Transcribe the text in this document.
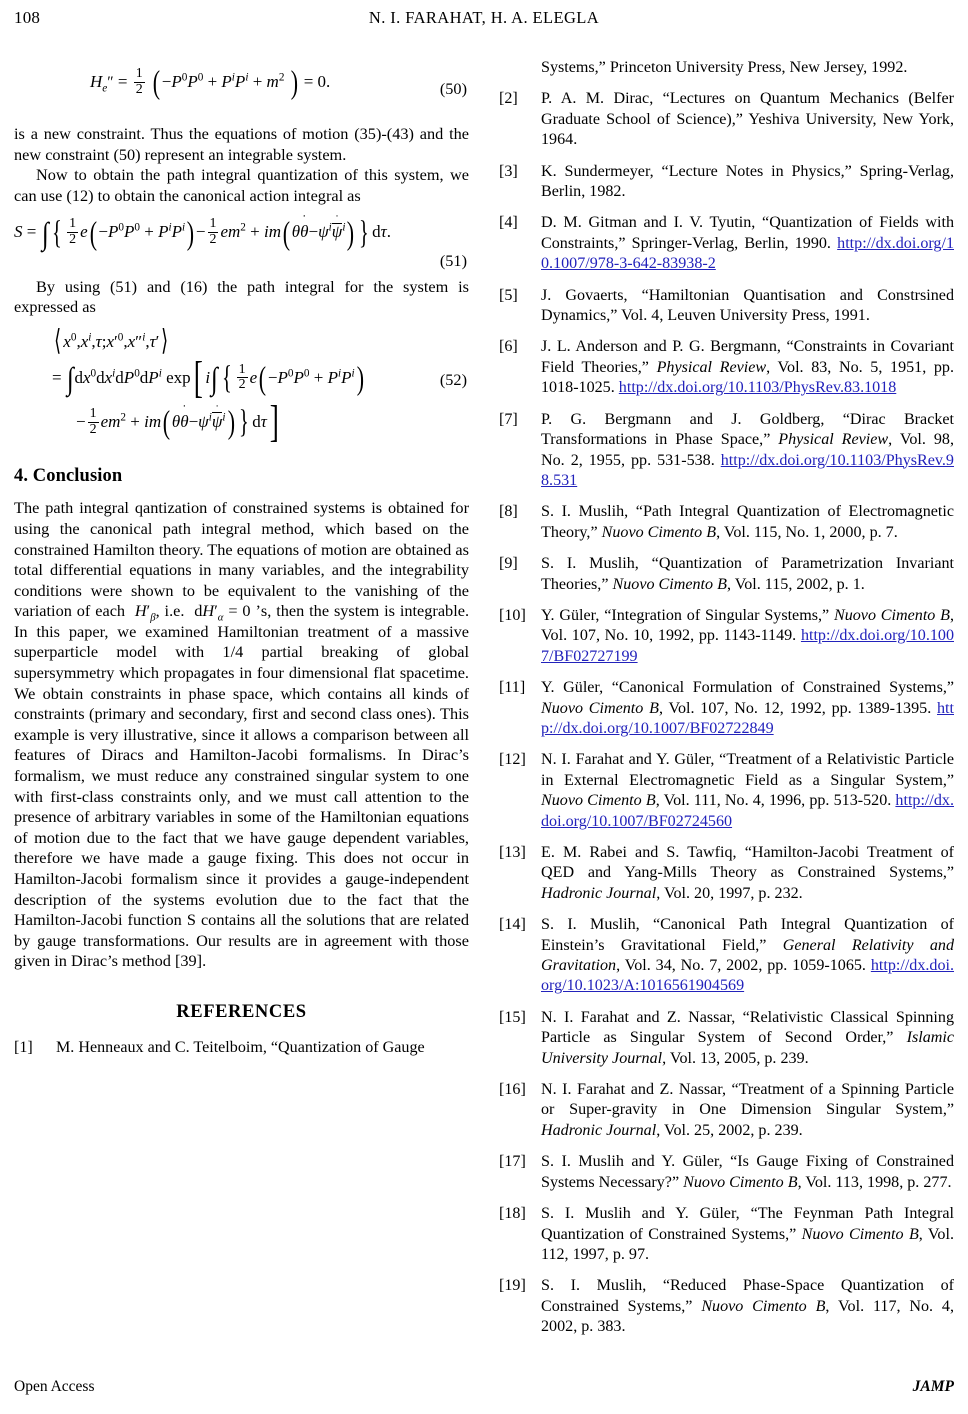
108	N. I. FARAHAT, H. A. ELEGLA
$H_e'' = \frac{1}{2}$ ( $-P^0P^0 + P^iP^i + m^2$ ) = 0.	(50)

is a new constraint. Thus the equations of motion (35)-(43) and the new constraint (50) represent an integrable system.

Now to obtain the path integral quantization of this system, we can use (12) to obtain the canonical action integral as

S = ∫ { $\frac{1}{2} e( -P^0P^0 + P^iP^i) - \frac{1}{2} em^2 + im$( θ
$\theta-\psi^i$
$\psi^i$) } dτ.
(51)

By using (51) and (16) the path integral for the system is expressed as

⟨ $x^0,x^i,\tau;x'^0,x''^i,\tau'⟩$
= $\int dx^0dx^idP^0dP^i$ exp[ i∫ { $\frac{1}{2} e( -P^0P^0 + P^iP^i)$	(52)
− $\frac{1}{2} em^2 + im$( θ
$\theta-\psi^i$
$\psi^i$) } dτ]
4. Conclusion

The path integral qantization of constrained systems is obtained for using the canonical path integral method, which based on the constrained Hamilton theory. The equations of motion are obtained as total differential equations in many variables, and the integrability conditions were shown to be equivalent to the vanishing of the variation of each  $H'_\beta$, i.e. $dH'_\alpha = 0$ ’s, then the system is integrable. In this paper, we examined Hamiltonian treatment of a massive superparticle model with 1/4 partial breaking of global supersymmetry which propagates in four dimensional flat spacetime. We obtain constraints in phase space, which contains all kinds of constraints (primary and secondary, first and second class ones). This example is very illustrative, since it allows a comparison between all features of Diracs and Hamilton-Jacobi formalisms. In Dirac’s formalism, we must reduce any constrained singular system to one with first-class constraints only, and we must call attention to the presence of arbitrary variables in some of the Hamiltonian equations of motion due to the fact that we have gauge dependent variables, therefore we have made a gauge fixing. This does not occur in Hamilton-Jacobi formalism since it provides a gauge-independent description of the systems evolution due to the fact that the Hamilton-Jacobi function S contains all the solutions that are related by gauge transformations. Our results are in agreement with those given in Dirac’s method [39].

REFERENCES
[1]	M. Henneaux and C. Teitelboim, “Quantization of Gauge
Systems,” Princeton University Press, New Jersey, 1992.
[2]	P. A. M. Dirac, “Lectures on Quantum Mechanics (Belfer Graduate School of Science),” Yeshiva University, New York, 1964.
[3]	K. Sundermeyer, “Lecture Notes in Physics,” Spring-Verlag, Berlin, 1982.
[4]	D. M. Gitman and I. V. Tyutin, “Quantization of Fields with Constraints,” Springer-Verlag, Berlin, 1990. http://dx.doi.org/10.1007/978-3-642-83938-2
[5]	J. Govaerts, “Hamiltonian Quantisation and Constrsined Dynamics,” Vol. 4, Leuven University Press, 1991.
[6]	J. L. Anderson and P. G. Bergmann, “Constraints in Covariant Field Theories,” Physical Review, Vol. 83, No. 5, 1951, pp. 1018-1025. http://dx.doi.org/10.1103/PhysRev.83.1018
[7]	P. G. Bergmann and J. Goldberg, “Dirac Bracket Transformations in Phase Space,” Physical Review, Vol. 98, No. 2, 1955, pp. 531-538. http://dx.doi.org/10.1103/PhysRev.98.531
[8]	S. I. Muslih, “Path Integral Quantization of Electromagnetic Theory,” Nuovo Cimento B, Vol. 115, No. 1, 2000, p. 7.
[9]	S. I. Muslih, “Quantization of Parametrization Invariant Theories,” Nuovo Cimento B, Vol. 115, 2002, p. 1.
[10] Y. Güler, “Integration of Singular Systems,” Nuovo Cimento B, Vol. 107, No. 10, 1992, pp. 1143-1149. http://dx.doi.org/10.1007/BF02727199
[11] Y. Güler, “Canonical Formulation of Constrained Systems,” Nuovo Cimento B, Vol. 107, No. 12, 1992, pp. 1389-1395. http://dx.doi.org/10.1007/BF02722849
[12] N. I. Farahat and Y. Güler, “Treatment of a Relativistic Particle in External Electromagnetic Field as a Singular System,” Nuovo Cimento B, Vol. 111, No. 4, 1996, pp. 513-520. http://dx.doi.org/10.1007/BF02724560
[13] E. M. Rabei and S. Tawfiq, “Hamilton-Jacobi Treatment of QED and Yang-Mills Theory as Constrained Systems,” Hadronic Journal, Vol. 20, 1997, p. 232.
[14] S. I. Muslih, “Canonical Path Integral Quantization of Einstein’s Gravitational Field,” General Relativity and Gravitation, Vol. 34, No. 7, 2002, pp. 1059-1065. http://dx.doi.org/10.1023/A:1016561904569
[15] N. I. Farahat and Z. Nassar, “Relativistic Classical Spinning Particle as Singular System of Second Order,” Islamic University Journal, Vol. 13, 2005, p. 239.
[16] N. I. Farahat and Z. Nassar, “Treatment of a Spinning Particle or Super-gravity in One Dimension Singular System,” Hadronic Journal, Vol. 25, 2002, p. 239.
[17] S. I. Muslih and Y. Güler, “Is Gauge Fixing of Constrained Systems Necessary?” Nuovo Cimento B, Vol. 113, 1998, p. 277.
[18] S. I. Muslih and Y. Güler, “The Feynman Path Integral Quantization of Constrained Systems,” Nuovo Cimento B, Vol. 112, 1997, p. 97.
[19] S. I. Muslih, “Reduced Phase-Space Quantization of Constrained Systems,” Nuovo Cimento B, Vol. 117, No. 4, 2002, p. 383.
Open Access	JAMP
